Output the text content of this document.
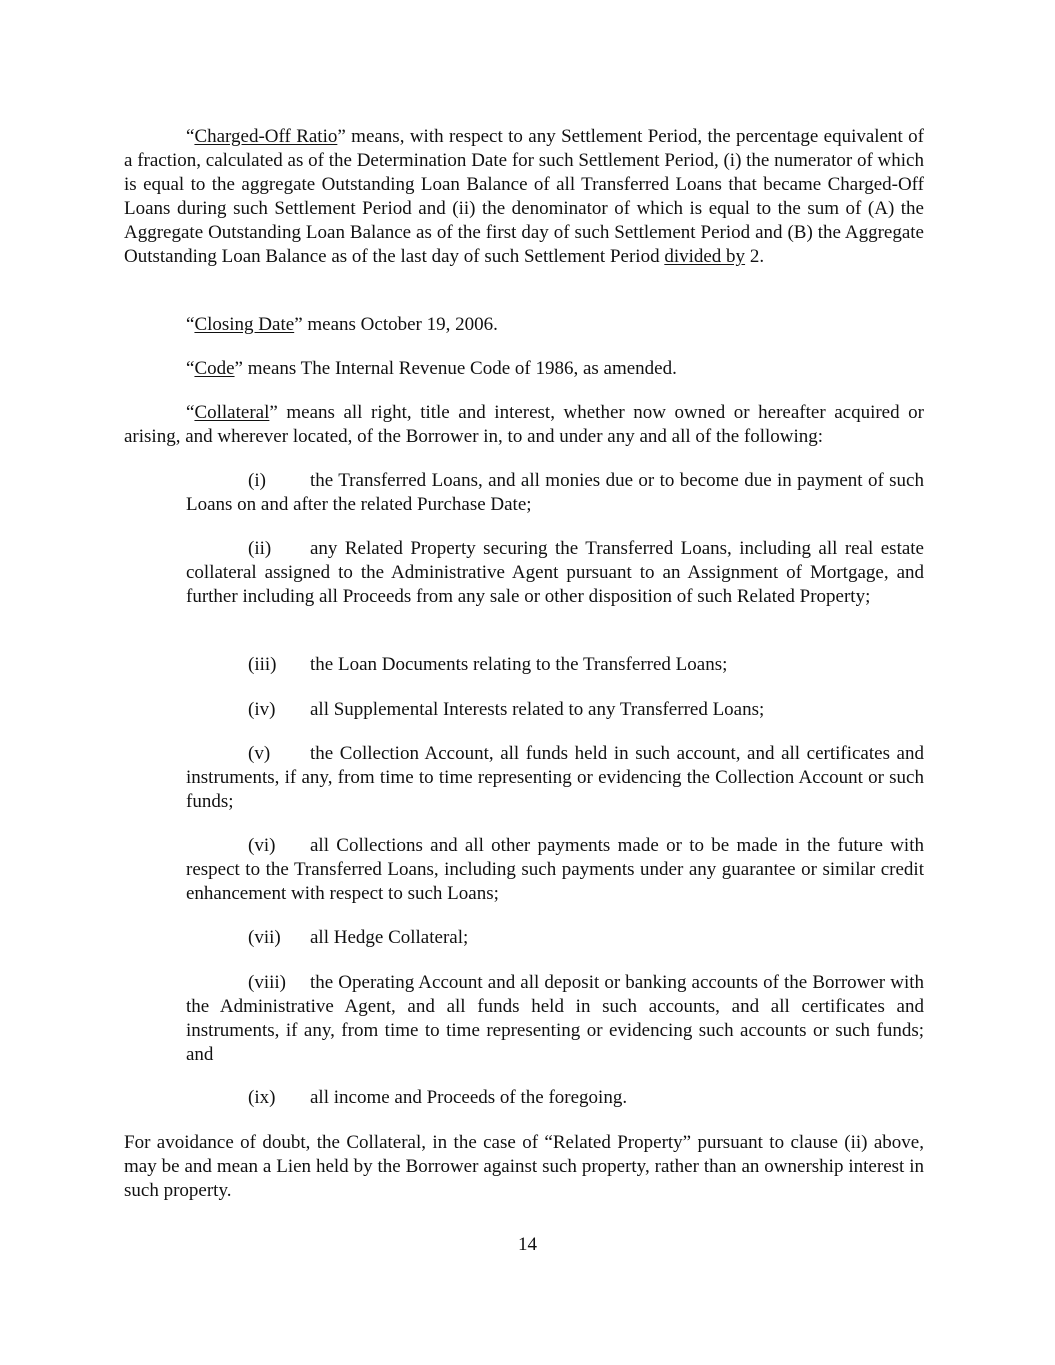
“Charged-Off Ratio” means, with respect to any Settlement Period, the percentage equivalent of a fraction, calculated as of the Determination Date for such Settlement Period, (i) the numerator of which is equal to the aggregate Outstanding Loan Balance of all Transferred Loans that became Charged-Off Loans during such Settlement Period and (ii) the denominator of which is equal to the sum of (A) the Aggregate Outstanding Loan Balance as of the first day of such Settlement Period and (B) the Aggregate Outstanding Loan Balance as of the last day of such Settlement Period divided by 2.

“Closing Date” means October 19, 2006.

“Code” means The Internal Revenue Code of 1986, as amended.

“Collateral” means all right, title and interest, whether now owned or hereafter acquired or arising, and wherever located, of the Borrower in, to and under any and all of the following:

(i) the Transferred Loans, and all monies due or to become due in payment of such Loans on and after the related Purchase Date;

(ii) any Related Property securing the Transferred Loans, including all real estate collateral assigned to the Administrative Agent pursuant to an Assignment of Mortgage, and further including all Proceeds from any sale or other disposition of such Related Property;

(iii) the Loan Documents relating to the Transferred Loans;

(iv) all Supplemental Interests related to any Transferred Loans;

(v) the Collection Account, all funds held in such account, and all certificates and instruments, if any, from time to time representing or evidencing the Collection Account or such funds;

(vi) all Collections and all other payments made or to be made in the future with respect to the Transferred Loans, including such payments under any guarantee or similar credit enhancement with respect to such Loans;

(vii) all Hedge Collateral;

(viii) the Operating Account and all deposit or banking accounts of the Borrower with the Administrative Agent, and all funds held in such accounts, and all certificates and instruments, if any, from time to time representing or evidencing such accounts or such funds; and

(ix) all income and Proceeds of the foregoing.

For avoidance of doubt, the Collateral, in the case of “Related Property” pursuant to clause (ii) above, may be and mean a Lien held by the Borrower against such property, rather than an ownership interest in such property.

14
